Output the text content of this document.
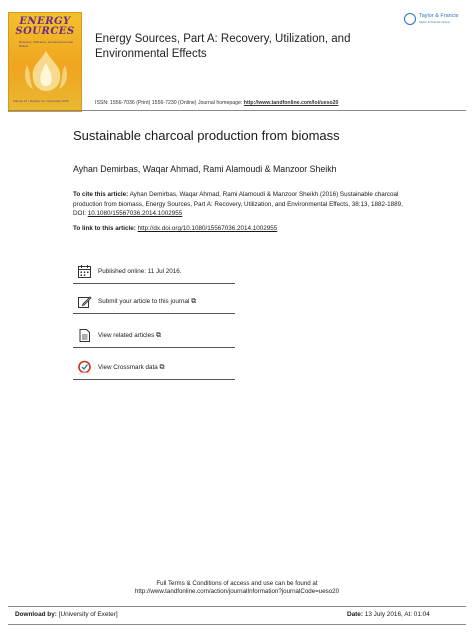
ENERGY
SOURCES
Recovery, Utilization, and Environmental Effects
Volume 37 • Number 11 • November 2015
Energy Sources, Part A: Recovery, Utilization, and Environmental Effects
Taylor & Francis
Taylor & Francis Group
ISSN: 1556-7036 (Print) 1556-7230 (Online) Journal homepage: http://www.tandfonline.com/loi/ueso20
Sustainable charcoal production from biomass
Ayhan Demirbas, Waqar Ahmad, Rami Alamoudi & Manzoor Sheikh
To cite this article: Ayhan Demirbas, Waqar Ahmad, Rami Alamoudi & Manzoor Sheikh (2016) Sustainable charcoal production from biomass, Energy Sources, Part A: Recovery, Utilization, and Environmental Effects, 38:13, 1882-1889, DOI: 10.1080/15567036.2014.1002955
To link to this article: http://dx.doi.org/10.1080/15567036.2014.1002955
Published online: 11 Jul 2016.
Submit your article to this journal ⧉
View related articles ⧉
View Crossmark data ⧉
Full Terms & Conditions of access and use can be found at
http://www.tandfonline.com/action/journalInformation?journalCode=ueso20
Download by: [University of Exeter]	Date: 13 July 2016, At: 01:04
